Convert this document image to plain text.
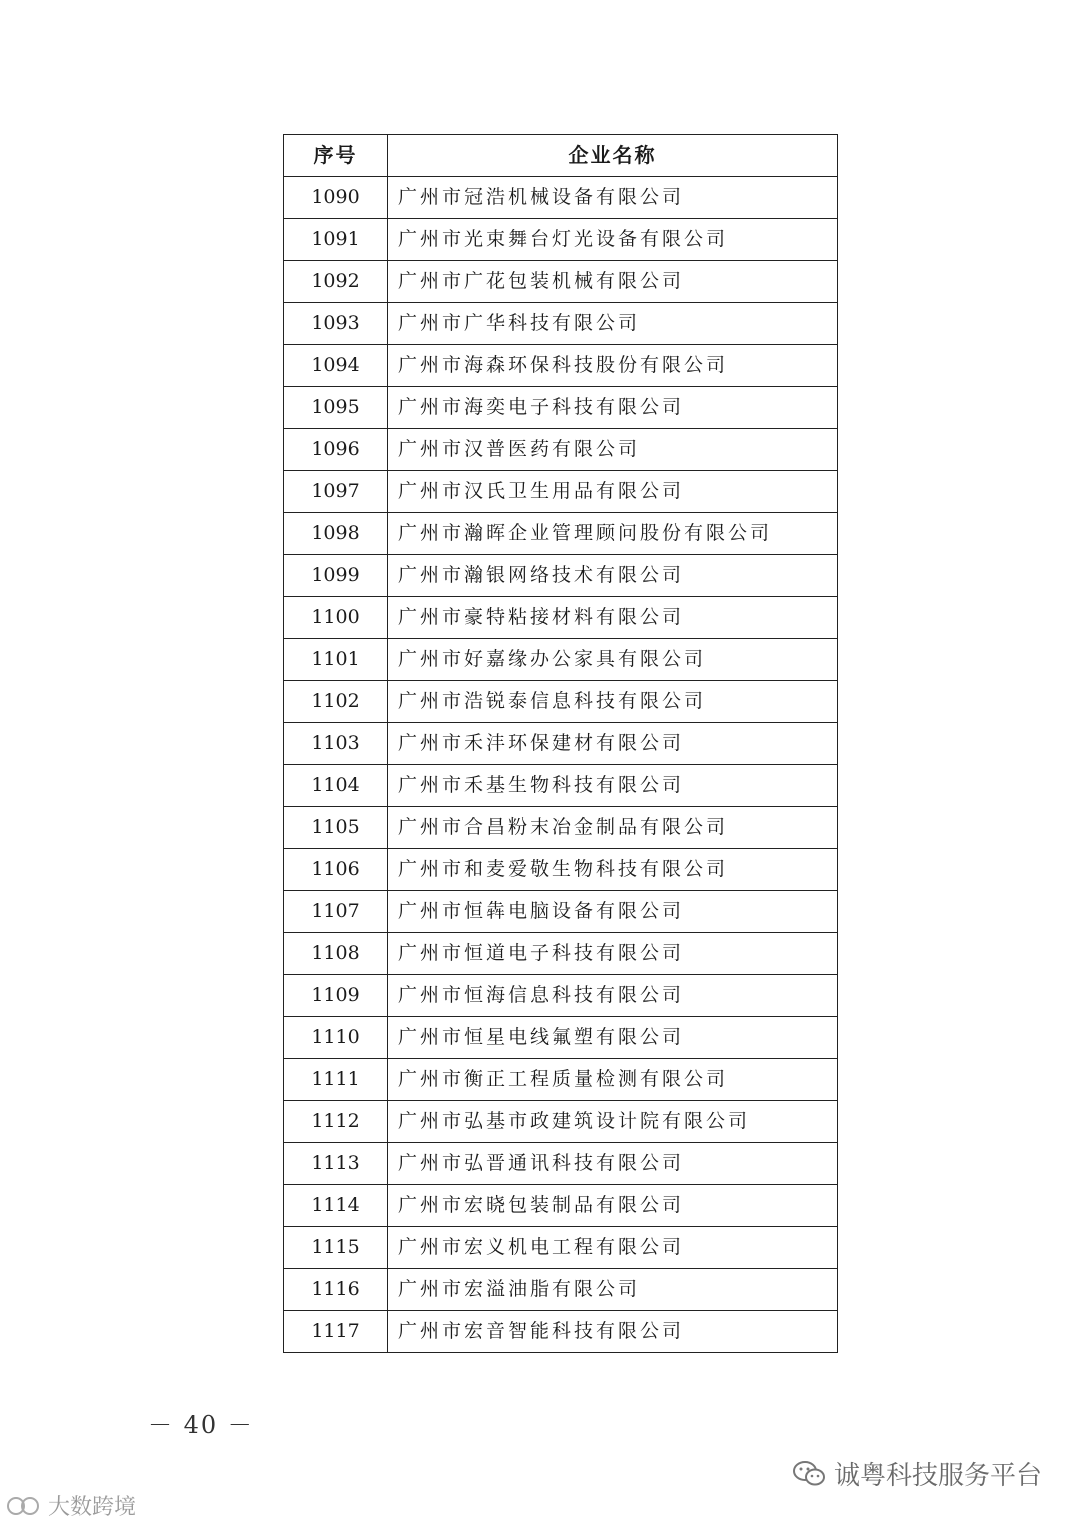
序号	企业名称
1090	广州市冠浩机械设备有限公司
1091	广州市光束舞台灯光设备有限公司
1092	广州市广花包装机械有限公司
1093	广州市广华科技有限公司
1094	广州市海森环保科技股份有限公司
1095	广州市海奕电子科技有限公司
1096	广州市汉普医药有限公司
1097	广州市汉氏卫生用品有限公司
1098	广州市瀚晖企业管理顾问股份有限公司
1099	广州市瀚银网络技术有限公司
1100	广州市豪特粘接材料有限公司
1101	广州市好嘉缘办公家具有限公司
1102	广州市浩锐泰信息科技有限公司
1103	广州市禾沣环保建材有限公司
1104	广州市禾基生物科技有限公司
1105	广州市合昌粉末冶金制品有限公司
1106	广州市和麦爱敬生物科技有限公司
1107	广州市恒犇电脑设备有限公司
1108	广州市恒道电子科技有限公司
1109	广州市恒海信息科技有限公司
1110	广州市恒星电线氟塑有限公司
1111	广州市衡正工程质量检测有限公司
1112	广州市弘基市政建筑设计院有限公司
1113	广州市弘晋通讯科技有限公司
1114	广州市宏晓包装制品有限公司
1115	广州市宏义机电工程有限公司
1116	广州市宏溢油脂有限公司
1117	广州市宏音智能科技有限公司
－ 40 －
诚粤科技服务平台
大数跨境
